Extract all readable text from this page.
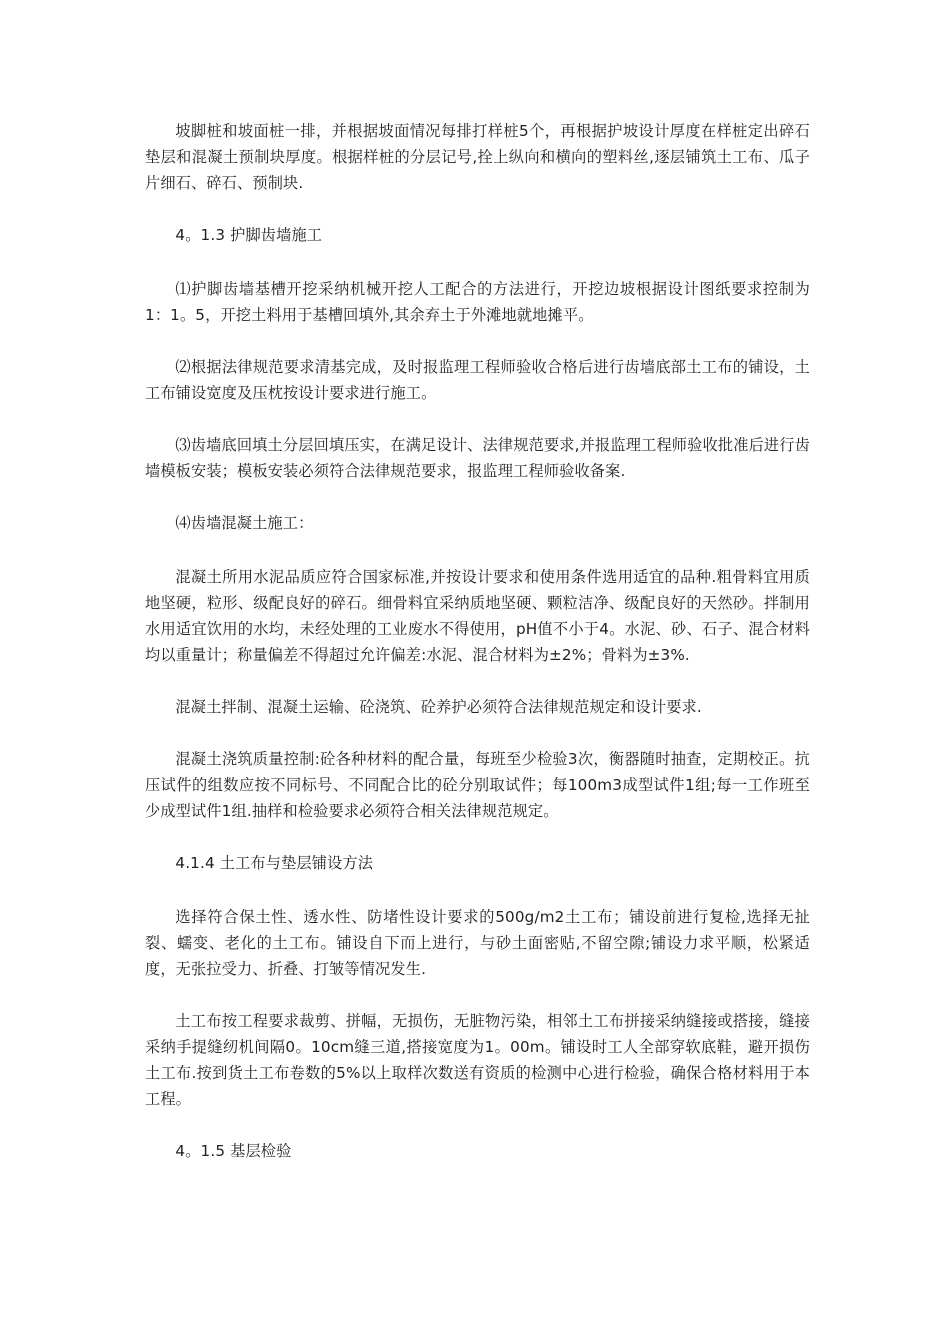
坡脚桩和坡面桩一排，并根据坡面情况每排打样桩5个，再根据护坡设计厚度在样桩定出碎石垫层和混凝土预制块厚度。根据样桩的分层记号,拴上纵向和横向的塑料丝,逐层铺筑土工布、瓜子片细石、碎石、预制块.

4。1.3 护脚齿墙施工

⑴护脚齿墙基槽开挖采纳机械开挖人工配合的方法进行，开挖边坡根据设计图纸要求控制为1：1。5，开挖土料用于基槽回填外,其余弃土于外滩地就地摊平。

⑵根据法律规范要求清基完成，及时报监理工程师验收合格后进行齿墙底部土工布的铺设，土工布铺设宽度及压枕按设计要求进行施工。

⑶齿墙底回填土分层回填压实，在满足设计、法律规范要求,并报监理工程师验收批准后进行齿墙模板安装；模板安装必须符合法律规范要求，报监理工程师验收备案.

⑷齿墙混凝土施工：

混凝土所用水泥品质应符合国家标准,并按设计要求和使用条件选用适宜的品种.粗骨料宜用质地坚硬，粒形、级配良好的碎石。细骨料宜采纳质地坚硬、颗粒洁净、级配良好的天然砂。拌制用水用适宜饮用的水均，未经处理的工业废水不得使用，pH值不小于4。水泥、砂、石子、混合材料均以重量计；称量偏差不得超过允许偏差:水泥、混合材料为±2%；骨料为±3%.

混凝土拌制、混凝土运输、砼浇筑、砼养护必须符合法律规范规定和设计要求.

混凝土浇筑质量控制:砼各种材料的配合量，每班至少检验3次，衡器随时抽查，定期校正。抗压试件的组数应按不同标号、不同配合比的砼分别取试件；每100m3成型试件1组;每一工作班至少成型试件1组.抽样和检验要求必须符合相关法律规范规定。

4.1.4 土工布与垫层铺设方法

选择符合保土性、透水性、防堵性设计要求的500g/m2土工布；铺设前进行复检,选择无扯裂、蠕变、老化的土工布。铺设自下而上进行，与砂土面密贴,不留空隙;铺设力求平顺，松紧适度，无张拉受力、折叠、打皱等情况发生.

土工布按工程要求裁剪、拼幅，无损伤，无脏物污染，相邻土工布拼接采纳缝接或搭接，缝接采纳手提缝纫机间隔0。10cm缝三道,搭接宽度为1。00m。铺设时工人全部穿软底鞋，避开损伤土工布.按到货土工布卷数的5%以上取样次数送有资质的检测中心进行检验，确保合格材料用于本工程。

4。1.5 基层检验
